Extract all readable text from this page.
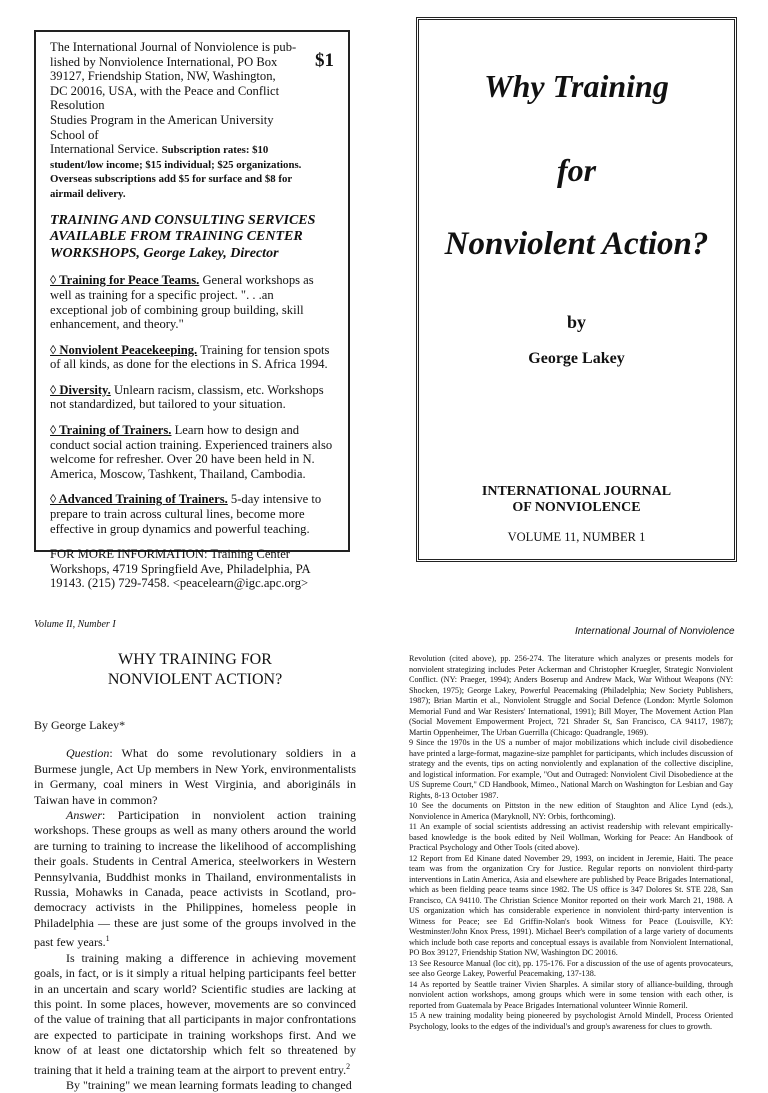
$1
The International Journal of Nonviolence is pub-
lished by Nonviolence International, PO Box
39127, Friendship Station, NW, Washington,
DC 20016, USA, with the Peace and Conflict Resolution
Studies Program in the American University School of
International Service. Subscription rates: $10 student/low income; $15 individual; $25 organizations. Overseas subscriptions add $5 for surface and $8 for airmail delivery.
TRAINING AND CONSULTING SERVICES AVAILABLE FROM TRAINING CENTER WORKSHOPS, George Lakey, Director
◊ Training for Peace Teams. General workshops as well as training for a specific project. ". . .an exceptional job of combining group building, skill enhancement, and theory."
◊ Nonviolent Peacekeeping. Training for tension spots of all kinds, as done for the elections in S. Africa 1994.
◊ Diversity. Unlearn racism, classism, etc. Workshops not standardized, but tailored to your situation.
◊ Training of Trainers. Learn how to design and conduct social action training. Experienced trainers also welcome for refresher. Over 20 have been held in N. America, Moscow, Tashkent, Thailand, Cambodia.
◊ Advanced Training of Trainers. 5-day intensive to prepare to train across cultural lines, become more effective in group dynamics and powerful teaching.
FOR MORE INFORMATION: Training Center Workshops, 4719 Springfield Ave, Philadelphia, PA 19143. (215) 729-7458. <peacelearn@igc.apc.org>
Why Training
for
Nonviolent Action?
by
George Lakey
INTERNATIONAL JOURNAL
OF NONVIOLENCE
VOLUME 11, NUMBER 1
Volume II, Number I
International Journal of Nonviolence
WHY TRAINING FOR
NONVIOLENT ACTION?
By George Lakey*

Question: What do some revolutionary soldiers in a Burmese jungle, Act Up members in New York, environmentalists in Germany, coal miners in West Virginia, and aborigináls in Taiwan have in common?

Answer: Participation in nonviolent action training workshops. These groups as well as many others around the world are turning to training to increase the likelihood of accomplishing their goals. Students in Central America, steelworkers in Western Pennsylvania, Buddhist monks in Thailand, environmentalists in Russia, Mohawks in Canada, peace activists in Scotland, pro-democracy activists in the Philippines, homeless people in Philadelphia — these are just some of the groups involved in the past few years.$^1$

Is training making a difference in achieving movement goals, in fact, or is it simply a ritual helping participants feel better in an uncertain and scary world? Scientific studies are lacking at this point. In some places, however, movements are so convinced of the value of training that all participants in major confrontations are expected to participate in training workshops first. And we know of at least one dictatorship which felt so threatened by training that it held a training team at the airport to prevent entry.$^2$

By "training" we mean learning formats leading to changed

Revolution (cited above), pp. 256-274. The literature which analyzes or presents models for nonviolent strategizing includes Peter Ackerman and Christopher Kruegler, Strategic Nonviolent Conflict. (NY: Praeger, 1994); Anders Boserup and Andrew Mack, War Without Weapons (NY: Shocken, 1975); George Lakey, Powerful Peacemaking (Philadelphia; New Society Publishers, 1987); Brian Martin et al., Nonviolent Struggle and Social Defence (London: Myrtle Solomon Memorial Fund and War Resisters' International, 1991); Bill Moyer, The Movement Action Plan (Social Movement Empowerment Project, 721 Shrader St, San Francisco, CA 94117, 1987); Martin Oppenheimer, The Urban Guerrilla (Chicago: Quadrangle, 1969).
9 Since the 1970s in the US a number of major mobilizations which include civil disobedience have printed a large-format, magazine-size pamphlet for participants, which includes discussion of strategy and the events, tips on acting nonviolently and explanation of the collective discipline, and logistical information. For example, "Out and Outraged: Nonviolent Civil Disobedience at the US Supreme Court," CD Handbook, Mimeo., National March on Washington for Lesbian and Gay Rights, 8-13 October 1987.
10 See the documents on Pittston in the new edition of Staughton and Alice Lynd (eds.), Nonviolence in America (Maryknoll, NY: Orbis, forthcoming).
11 An example of social scientists addressing an activist readership with relevant empirically-based knowledge is the book edited by Neil Wollman, Working for Peace: An Handbook of Practical Psychology and Other Tools (cited above).
12 Report from Ed Kinane dated November 29, 1993, on incident in Jeremie, Haiti. The peace team was from the organization Cry for Justice. Regular reports on nonviolent third-party interventions in Latin America, Asia and elsewhere are published by Peace Brigades International, which as been fielding peace teams since 1982. The US office is 347 Dolores St. STE 228, San Francisco, CA 94110. The Christian Science Monitor reported on their work March 21, 1988. A US organization which has considerable experience in nonviolent third-party intervention is Witness for Peace; see Ed Griffin-Nolan's book Witness for Peace (Louisville, KY: Westminster/John Knox Press, 1991). Michael Beer's compilation of a large variety of documents which include both case reports and conceptual essays is available from Nonviolent International, PO Box 39127, Friendship Station NW, Washington DC 20016.
13 See Resource Manual (loc cit), pp. 175-176. For a discussion of the use of agents provocateurs, see also George Lakey, Powerful Peacemaking, 137-138.
14 As reported by Seattle trainer Vivien Sharples. A similar story of alliance-building, through nonviolent action workshops, among groups which were in some tension with each other, is reported from Guatemala by Peace Brigades International volunteer Winnie Romeril.
15 A new training modality being pioneered by psychologist Arnold Mindell, Process Oriented Psychology, looks to the edges of the individual's and group's awareness for clues to growth.
